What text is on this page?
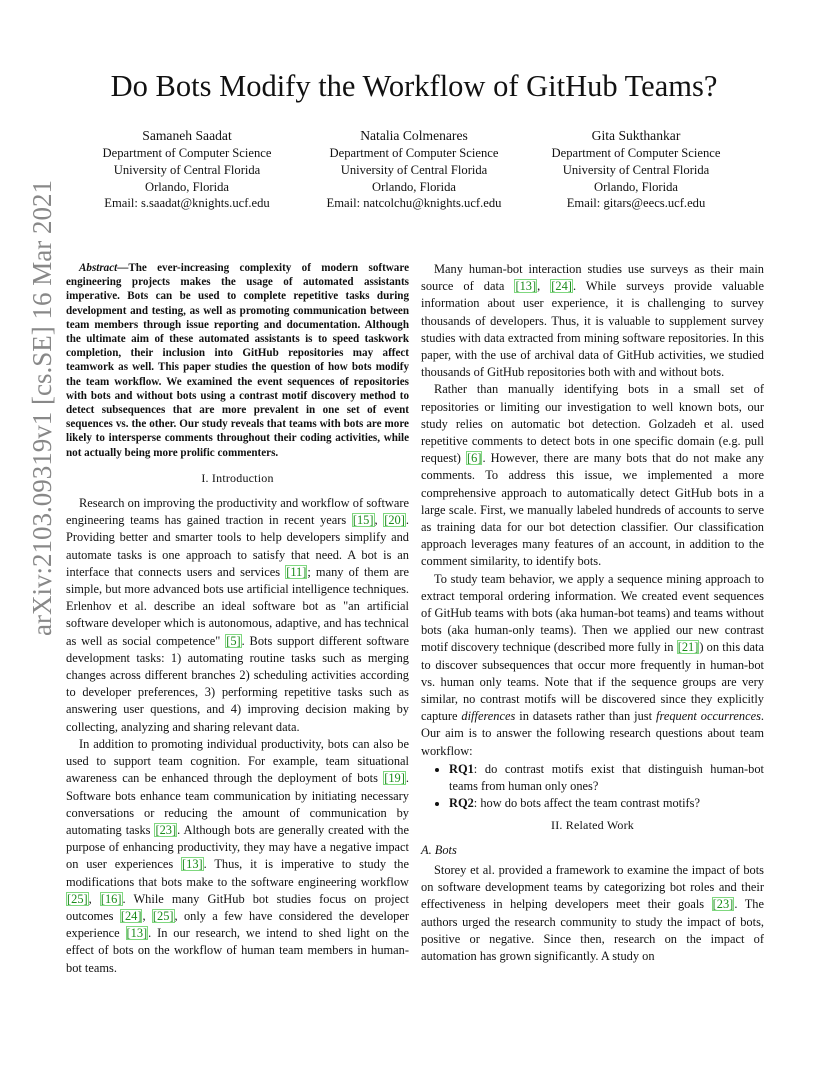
Do Bots Modify the Workflow of GitHub Teams?
Samaneh Saadat
Department of Computer Science
University of Central Florida
Orlando, Florida
Email: s.saadat@knights.ucf.edu
Natalia Colmenares
Department of Computer Science
University of Central Florida
Orlando, Florida
Email: natcolchu@knights.ucf.edu
Gita Sukthankar
Department of Computer Science
University of Central Florida
Orlando, Florida
Email: gitars@eecs.ucf.edu
arXiv:2103.09319v1 [cs.SE] 16 Mar 2021	Abstract—The ever-increasing complexity of modern software engineering projects makes the usage of automated assistants imperative. Bots can be used to complete repetitive tasks during development and testing, as well as promoting communication between team members through issue reporting and documentation. Although the ultimate aim of these automated assistants is to speed taskwork completion, their inclusion into GitHub repositories may affect teamwork as well. This paper studies the question of how bots modify the team workflow. We examined the event sequences of repositories with bots and without bots using a contrast motif discovery method to detect subsequences that are more prevalent in one set of event sequences vs. the other. Our study reveals that teams with bots are more likely to intersperse comments throughout their coding activities, while not actually being more prolific commenters.

I. Introduction

Research on improving the productivity and workflow of software engineering teams has gained traction in recent years [15], [20]. Providing better and smarter tools to help developers simplify and automate tasks is one approach to satisfy that need. A bot is an interface that connects users and services [11]; many of them are simple, but more advanced bots use artificial intelligence techniques. Erlenhov et al. describe an ideal software bot as "an artificial software developer which is autonomous, adaptive, and has technical as well as social competence" [5]. Bots support different software development tasks: 1) automating routine tasks such as merging changes across different branches 2) scheduling activities according to developer preferences, 3) performing repetitive tasks such as answering user questions, and 4) improving decision making by collecting, analyzing and sharing relevant data.

In addition to promoting individual productivity, bots can also be used to support team cognition. For example, team situational awareness can be enhanced through the deployment of bots [19]. Software bots enhance team communication by initiating necessary conversations or reducing the amount of communication by automating tasks [23]. Although bots are generally created with the purpose of enhancing productivity, they may have a negative impact on user experiences [13]. Thus, it is imperative to study the modifications that bots make to the software engineering workflow [25], [16]. While many GitHub bot studies focus on project outcomes [24], [25], only a few have considered the developer experience [13]. In our research, we intend to shed light on the effect of bots on the workflow of human team members in human-bot teams.

Many human-bot interaction studies use surveys as their main source of data [13], [24]. While surveys provide valuable information about user experience, it is challenging to survey thousands of developers. Thus, it is valuable to supplement survey studies with data extracted from mining software repositories. In this paper, with the use of archival data of GitHub activities, we studied thousands of GitHub repositories both with and without bots.

Rather than manually identifying bots in a small set of repositories or limiting our investigation to well known bots, our study relies on automatic bot detection. Golzadeh et al. used repetitive comments to detect bots in one specific domain (e.g. pull request) [6]. However, there are many bots that do not make any comments. To address this issue, we implemented a more comprehensive approach to automatically detect GitHub bots in a large scale. First, we manually labeled hundreds of accounts to serve as training data for our bot detection classifier. Our classification approach leverages many features of an account, in addition to the comment similarity, to identify bots.

To study team behavior, we apply a sequence mining approach to extract temporal ordering information. We created event sequences of GitHub teams with bots (aka human-bot teams) and teams without bots (aka human-only teams). Then we applied our new contrast motif discovery technique (described more fully in [21]) on this data to discover subsequences that occur more frequently in human-bot vs. human only teams. Note that if the sequence groups are very similar, no contrast motifs will be discovered since they explicitly capture differences in datasets rather than just frequent occurrences. Our aim is to answer the following research questions about team workflow:

• RQ1: do contrast motifs exist that distinguish human-bot teams from human only ones?
• RQ2: how do bots affect the team contrast motifs?
II. Related Work
A. Bots

Storey et al. provided a framework to examine the impact of bots on software development teams by categorizing bot roles and their effectiveness in helping developers meet their goals [23]. The authors urged the research community to study the impact of bots, positive or negative. Since then, research on the impact of automation has grown significantly. A study on
